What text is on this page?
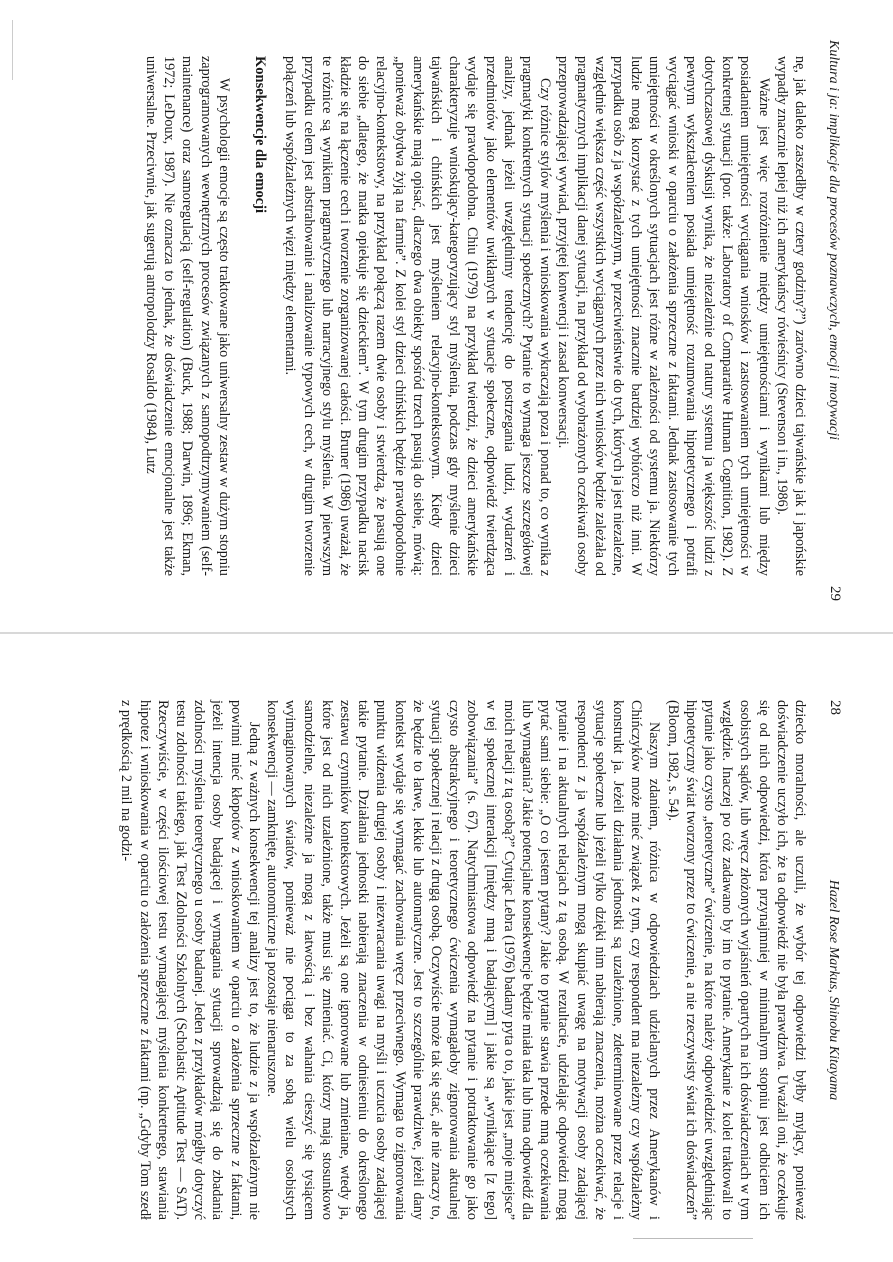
Kultura i ja: implikacje dla procesów poznawczych, emocji i motywacji
29

nę, jak daleko zaszedłby w cztery godziny?”) zarówno dzieci tajwańskie jak i japońskie wypadły znacznie lepiej niż ich amerykańscy rówieśnicy (Stevenson i in., 1986).

Ważne jest więc rozróżnienie między umiejętnościami i wynikami lub między posiadaniem umiejętności wyciągania wniosków i zastosowaniem tych umiejętności w konkretnej sytuacji (por. także: Laboratory of Comparative Human Cognition, 1982). Z dotychczasowej dyskusji wynika, że niezależnie od natury systemu ja większość ludzi z pewnym wykształceniem posiada umiejętność rozumowania hipotetycznego i potrafi wyciągać wnioski w oparciu o założenia sprzeczne z faktami. Jednak zastosowanie tych umiejętności w określonych sytuacjach jest różne w zależności od systemu ja. Niektórzy ludzie mogą korzystać z tych umiejętności znacznie bardziej wybiórczo niż inni. W przypadku osób z ja współzależnym, w przeciwieństwie do tych, których ja jest niezależne, względnie większa część wszystkich wyciąganych przez nich wniosków będzie zależała od pragmatycznych implikacji danej sytuacji, na przykład od wyobrażonych oczekiwań osoby przeprowadzającej wywiad, przyjętej konwencji i zasad konwersacji.

Czy różnice stylów myślenia i wnioskowania wykraczają poza i ponad to, co wynika z pragmatyki konkretnych sytuacji społecznych? Pytanie to wymaga jeszcze szczegółowej analizy, jednak jeżeli uwzględnimy tendencję do postrzegania ludzi, wydarzeń i przedmiotów jako elementów uwikłanych w sytuacje społeczne, odpowiedź twierdząca wydaje się prawdopodobna. Chiu (1979) na przykład twierdzi, że dzieci amerykańskie charakteryzuje wnioskujący-kategoryzujący styl myślenia, podczas gdy myślenie dzieci tajwańskich i chińskich jest myśleniem relacyjno-kontekstowym. Kiedy dzieci amerykańskie mają opisać, dlaczego dwa obiekty spośród trzech pasują do siebie, mówią: „ponieważ obydwa żyją na farmie”. Z kolei styl dzieci chińskich będzie prawdopodobnie relacyjno-kontekstowy, na przykład połączą razem dwie osoby i stwierdzą, że pasują one do siebie „dlatego, że matka opiekuje się dzieckiem”. W tym drugim przypadku nacisk kładzie się na łączenie cech i tworzenie zorganizowanej całości. Bruner (1986) uważał, że te różnice są wynikiem pragmatycznego lub narracyjnego stylu myślenia. W pierwszym przypadku celem jest abstrahowanie i analizowanie typowych cech, w drugim tworzenie połączeń lub współzależnych więzi między elementami.

Konsekwencje dla emocji

W psychologii emocje są często traktowane jako uniwersalny zestaw w dużym stopniu zaprogramowanych wewnętrznych procesów związanych z samopodtrzymywaniem (self-maintenance) oraz samoregulacją (self-regulation) (Buck, 1988; Darwin, 1896; Ekman, 1972; LeDoux, 1987). Nie oznacza to jednak, że doświadczenie emocjonalne jest także uniwersalne. Przeciwnie, jak sugerują antropolodzy Rosaldo (1984), Lutz

28
Hazel Rose Markus, Shinobu Kitayama

dziecko moralności, ale uczuli, że wybór tej odpowiedzi byłby mylący, ponieważ doświadczenie uczyło ich, że ta odpowiedź nie była prawdziwa. Uważali oni, że oczekuje się od nich odpowiedzi, która przynajmniej w minimalnym stopniu jest odbiciem ich osobistych sądów, lub wręcz złożonych wyjaśnień opartych na ich doświadczeniach w tym względzie. Inaczej po cóż zadawano by im to pytanie. Amerykanie z kolei traktowali to pytanie jako czysto „teoretyczne” ćwiczenie, na które należy odpowiedzieć uwzględniając hipotetyczny świat tworzony przez to ćwiczenie, a nie rzeczywisty świat ich doświadczeń” (Bloom, 1982, s. 54).

Naszym zdaniem, różnica w odpowiedziach udzielanych przez Amerykanów i Chińczyków może mieć związek z tym, czy respondent ma niezależny czy współzależny konstrukt ja. Jeżeli działania jednostki są uzależnione, zdeterminowane przez relacje i sytuacje społeczne lub jeżeli tylko dzięki nim nabierają znaczenia, można oczekiwać, że respondenci z ja współzależnym mogą skupiać uwagę na motywacji osoby zadającej pytanie i na aktualnych relacjach z tą osobą. W rezultacie, udzielając odpowiedzi mogą pytać sami siebie: „O co jestem pytany? Jakie to pytanie stawia przede mną oczekiwania lub wymagania? Jakie potencjalne konsekwencje będzie miała taka lub inna odpowiedź dla moich relacji z tą osobą?” Cytując Lebra (1976) badany pyta o to, jakie jest „moje miejsce” w tej społecznej interakcji [między mną i badającym] i jakie są „wynikające [z tego] zobowiązania” (s. 67). Natychmiastowa odpowiedź na pytanie i potraktowanie go jako czysto abstrakcyjnego i teoretycznego ćwiczenia wymagałoby zignorowania aktualnej sytuacji społecznej i relacji z drugą osobą. Oczywiście może tak się stać, ale nie znaczy to, że będzie to łatwe, lekkie lub automatyczne. Jest to szczególnie prawdziwe, jeżeli dany kontekst wydaje się wymagać zachowania wręcz przeciwnego. Wymaga to zignorowania punktu widzenia drugiej osoby i niezwracania uwagi na myśli i uczucia osoby zadającej takie pytanie. Działania jednostki nabierają znaczenia w odniesieniu do określonego zestawu czynników kontekstowych. Jeżeli są one ignorowane lub zmieniane, wtedy ja, które jest od nich uzależnione, także musi się zmieniać. Ci, którzy mają stosunkowo samodzielne, niezależne ja mogą z łatwością i bez wahania cieszyć się tysiącem wyimaginowanych światów, ponieważ nie pociąga to za sobą wielu osobistych konsekwencji — zamknięte, autonomiczne ja pozostaje nienaruszone.

Jedną z ważnych konsekwencji tej analizy jest to, że ludzie z ja współzależnym nie powinni mieć kłopotów z wnioskowaniem w oparciu o założenia sprzeczne z faktami, jeżeli intencja osoby badającej i wymagania sytuacji sprowadzają się do zbadania zdolności myślenia teoretycznego u osoby badanej. Jeden z przykładów mógłby dotyczyć testu zdolności takiego, jak Test Zdolności Szkolnych (Scholastic Aptitude Test — SAT). Rzeczywiście, w części ilościowej testu wymagającej myślenia konkretnego, stawiania hipotez i wnioskowania w oparciu o założenia sprzeczne z faktami (np. „Gdyby Tom szedł z prędkością 2 mil na godzi-
